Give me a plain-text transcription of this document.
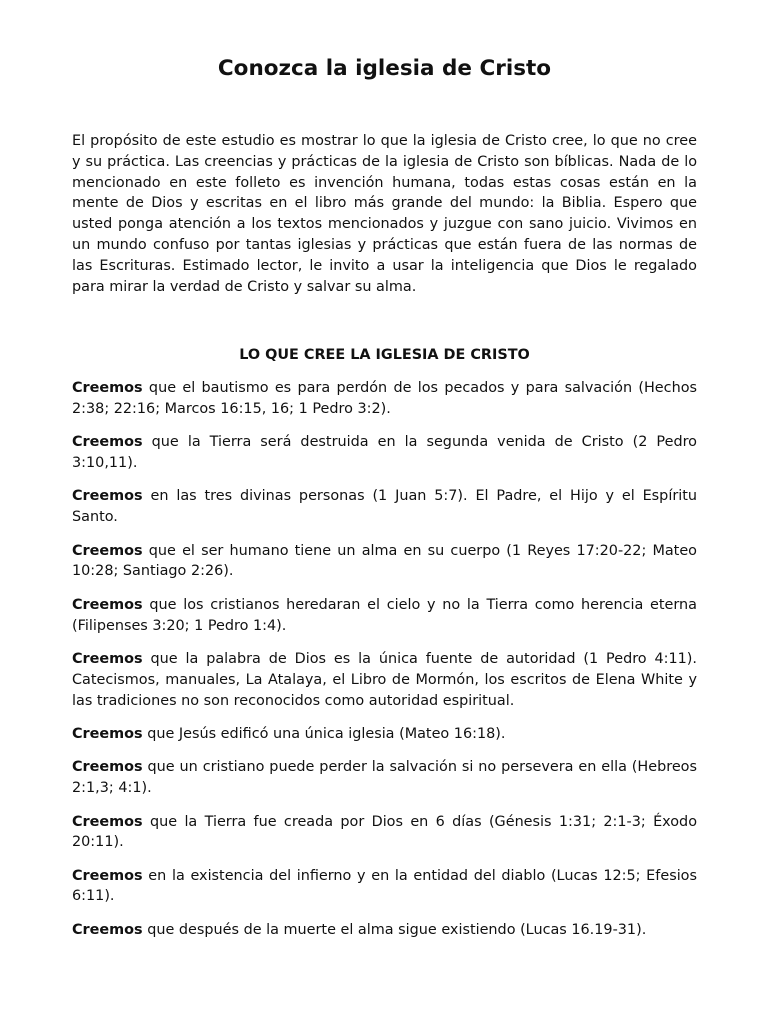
Conozca la iglesia de Cristo

El propósito de este estudio es mostrar lo que la iglesia de Cristo cree, lo que no cree y su práctica. Las creencias y prácticas de la iglesia de Cristo son bíblicas. Nada de lo mencionado en este folleto es invención humana, todas estas cosas están en la mente de Dios y escritas en el libro más grande del mundo: la Biblia. Espero que usted ponga atención a los textos mencionados y juzgue con sano juicio. Vivimos en un mundo confuso por tantas iglesias y prácticas que están fuera de las normas de las Escrituras. Estimado lector, le invito a usar la inteligencia que Dios le regalado para mirar la verdad de Cristo y salvar su alma.

LO QUE CREE LA IGLESIA DE CRISTO
Creemos que el bautismo es para perdón de los pecados y para salvación (Hechos 2:38; 22:16; Marcos 16:15, 16; 1 Pedro 3:2).
Creemos que la Tierra será destruida en la segunda venida de Cristo (2 Pedro 3:10,11).
Creemos en las tres divinas personas (1 Juan 5:7). El Padre, el Hijo y el Espíritu Santo.
Creemos que el ser humano tiene un alma en su cuerpo (1 Reyes 17:20-22; Mateo 10:28; Santiago 2:26).
Creemos que los cristianos heredaran el cielo y no la Tierra como herencia eterna (Filipenses 3:20; 1 Pedro 1:4).
Creemos que la palabra de Dios es la única fuente de autoridad (1 Pedro 4:11). Catecismos, manuales, La Atalaya, el Libro de Mormón, los escritos de Elena White y las tradiciones no son reconocidos como autoridad espiritual.
Creemos que Jesús edificó una única iglesia (Mateo 16:18).
Creemos que un cristiano puede perder la salvación si no persevera en ella (Hebreos 2:1,3; 4:1).
Creemos que la Tierra fue creada por Dios en 6 días (Génesis 1:31; 2:1-3; Éxodo 20:11).
Creemos en la existencia del infierno y en la entidad del diablo (Lucas 12:5; Efesios 6:11).
Creemos que después de la muerte el alma sigue existiendo (Lucas 16.19-31).
